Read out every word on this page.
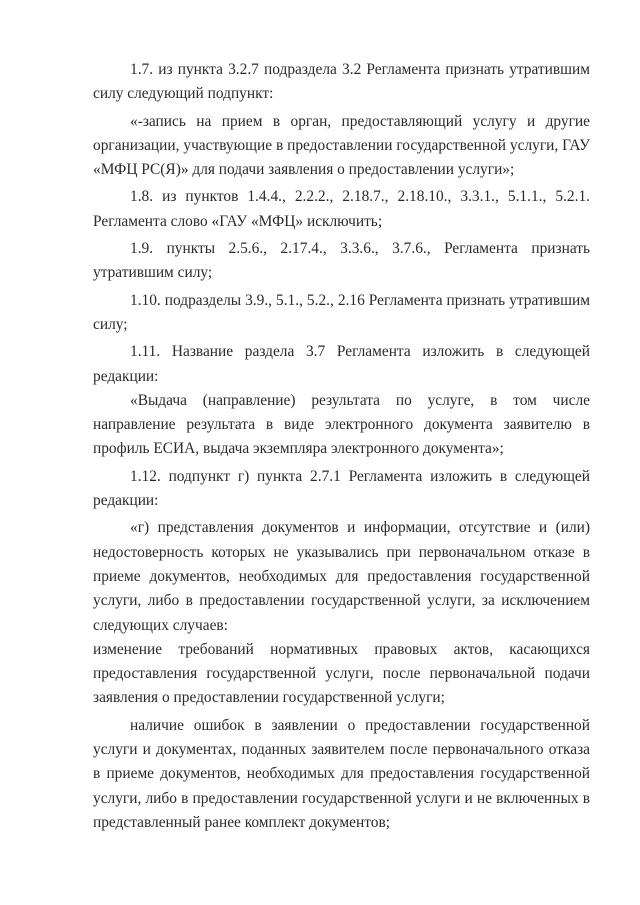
1.7. из пункта 3.2.7 подраздела 3.2 Регламента признать утратившим силу следующий подпункт:

«-запись на прием в орган, предоставляющий услугу и другие организации, участвующие в предоставлении государственной услуги, ГАУ «МФЦ РС(Я)» для подачи заявления о предоставлении услуги»;

1.8. из пунктов 1.4.4., 2.2.2., 2.18.7., 2.18.10., 3.3.1., 5.1.1., 5.2.1. Регламента слово «ГАУ «МФЦ» исключить;

1.9. пункты 2.5.6., 2.17.4., 3.3.6., 3.7.6., Регламента признать утратившим силу;

1.10. подразделы 3.9., 5.1., 5.2., 2.16 Регламента признать утратившим силу;

1.11. Название раздела 3.7 Регламента изложить в следующей редакции:

«Выдача (направление) результата по услуге, в том числе направление результата в виде электронного документа заявителю в профиль ЕСИА, выдача экземпляра электронного документа»;

1.12. подпункт г) пункта 2.7.1 Регламента изложить в следующей редакции:

«г) представления документов и информации, отсутствие и (или) недостоверность которых не указывались при первоначальном отказе в приеме документов, необходимых для предоставления государственной услуги, либо в предоставлении государственной услуги, за исключением следующих случаев:

изменение требований нормативных правовых актов, касающихся предоставления государственной услуги, после первоначальной подачи заявления о предоставлении государственной услуги;

наличие ошибок в заявлении о предоставлении государственной услуги и документах, поданных заявителем после первоначального отказа в приеме документов, необходимых для предоставления государственной услуги, либо в предоставлении государственной услуги и не включенных в представленный ранее комплект документов;
